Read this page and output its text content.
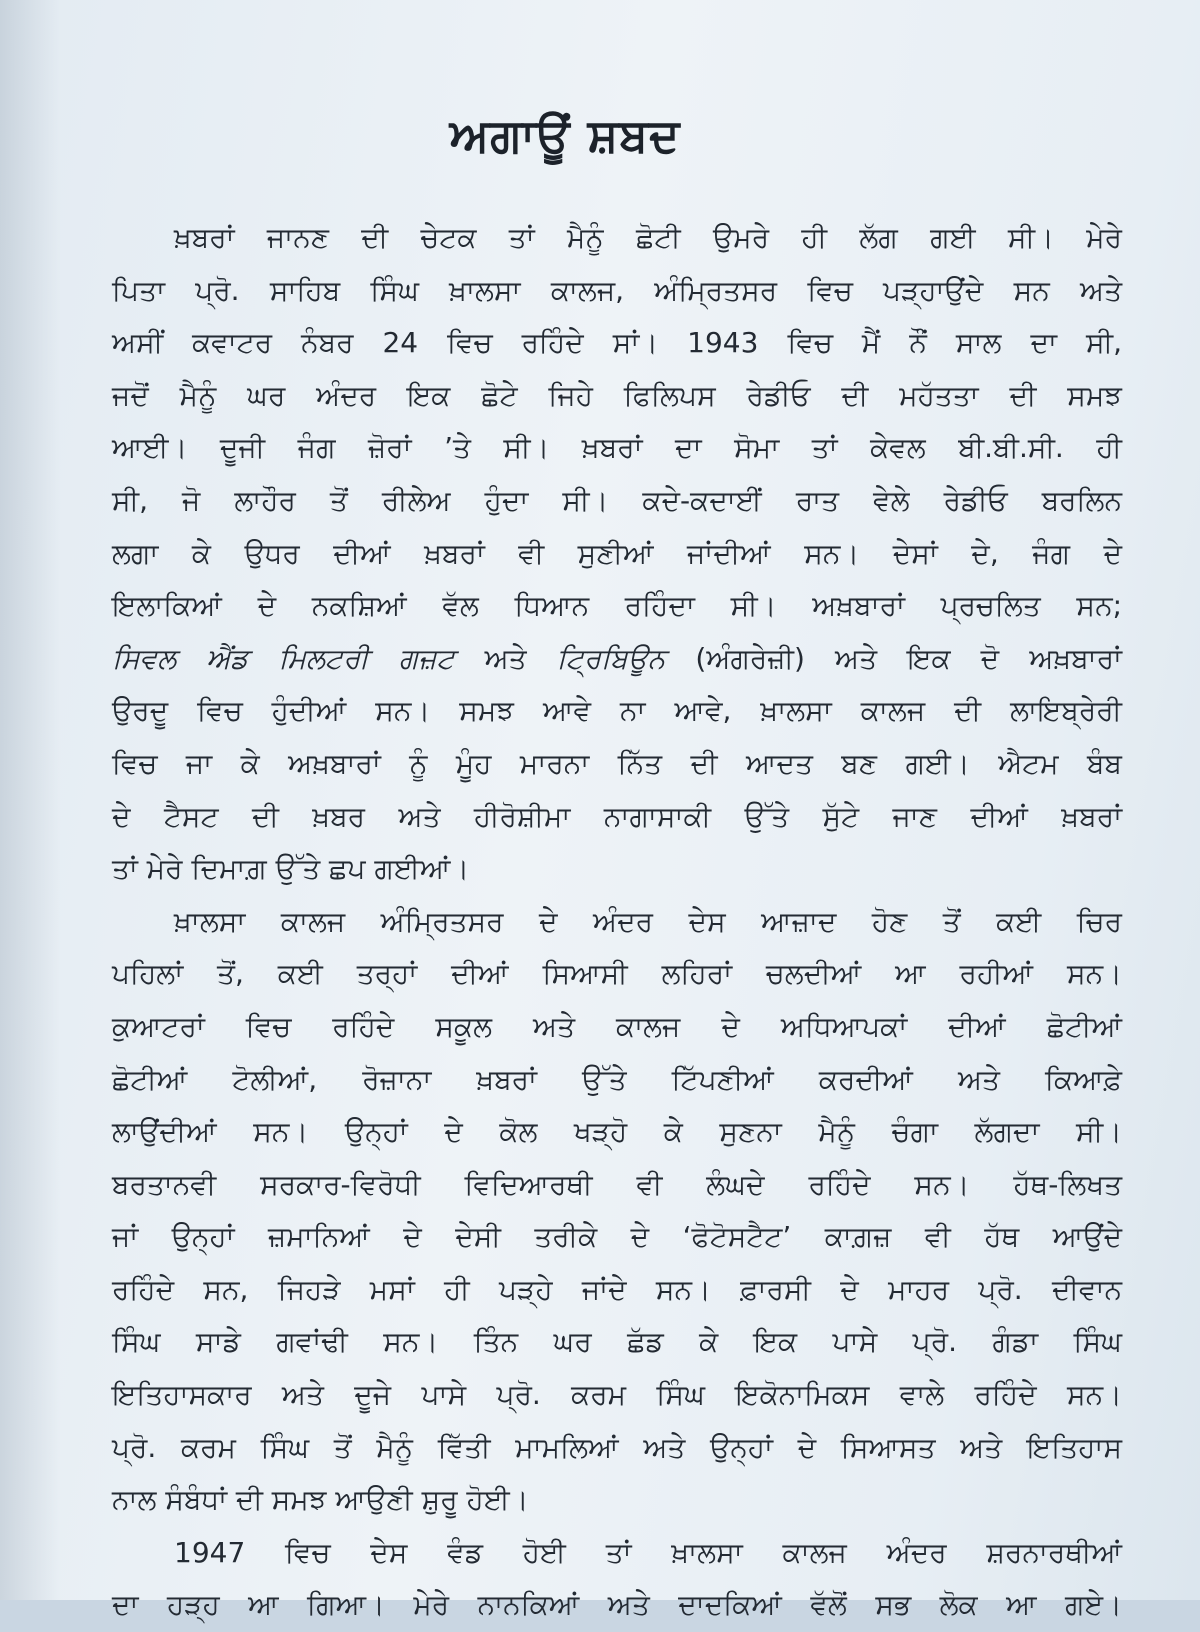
ਅਗਾਊਂ ਸ਼ਬਦ
ਖ਼ਬਰਾਂ ਜਾਨਣ ਦੀ ਚੇਟਕ ਤਾਂ ਮੈਨੂੰ ਛੋਟੀ ਉਮਰੇ ਹੀ ਲੱਗ ਗਈ ਸੀ। ਮੇਰੇ
ਪਿਤਾ ਪ੍ਰੋ. ਸਾਹਿਬ ਸਿੰਘ ਖ਼ਾਲਸਾ ਕਾਲਜ, ਅੰਮ੍ਰਿਤਸਰ ਵਿਚ ਪੜ੍ਹਾਉਂਦੇ ਸਨ ਅਤੇ
ਅਸੀਂ ਕਵਾਟਰ ਨੰਬਰ 24 ਵਿਚ ਰਹਿੰਦੇ ਸਾਂ। 1943 ਵਿਚ ਮੈਂ ਨੌਂ ਸਾਲ ਦਾ ਸੀ,
ਜਦੋਂ ਮੈਨੂੰ ਘਰ ਅੰਦਰ ਇਕ ਛੋਟੇ ਜਿਹੇ ਫਿਲਿਪਸ ਰੇਡੀਓ ਦੀ ਮਹੱਤਤਾ ਦੀ ਸਮਝ
ਆਈ। ਦੂਜੀ ਜੰਗ ਜ਼ੋਰਾਂ ’ਤੇ ਸੀ। ਖ਼ਬਰਾਂ ਦਾ ਸੋਮਾ ਤਾਂ ਕੇਵਲ ਬੀ.ਬੀ.ਸੀ. ਹੀ
ਸੀ, ਜੋ ਲਾਹੌਰ ਤੋਂ ਰੀਲੇਅ ਹੁੰਦਾ ਸੀ। ਕਦੇ-ਕਦਾਈਂ ਰਾਤ ਵੇਲੇ ਰੇਡੀਓ ਬਰਲਿਨ
ਲਗਾ ਕੇ ਉਧਰ ਦੀਆਂ ਖ਼ਬਰਾਂ ਵੀ ਸੁਣੀਆਂ ਜਾਂਦੀਆਂ ਸਨ। ਦੇਸਾਂ ਦੇ, ਜੰਗ ਦੇ
ਇਲਾਕਿਆਂ ਦੇ ਨਕਸ਼ਿਆਂ ਵੱਲ ਧਿਆਨ ਰਹਿੰਦਾ ਸੀ। ਅਖ਼ਬਾਰਾਂ ਪ੍ਰਚਲਿਤ ਸਨ;
ਸਿਵਲ ਐਂਡ ਮਿਲਟਰੀ ਗਜ਼ਟ ਅਤੇ ਟ੍ਰਿਬਿਊਨ (ਅੰਗਰੇਜ਼ੀ) ਅਤੇ ਇਕ ਦੋ ਅਖ਼ਬਾਰਾਂ
ਉਰਦੂ ਵਿਚ ਹੁੰਦੀਆਂ ਸਨ। ਸਮਝ ਆਵੇ ਨਾ ਆਵੇ, ਖ਼ਾਲਸਾ ਕਾਲਜ ਦੀ ਲਾਇਬ੍ਰੇਰੀ
ਵਿਚ ਜਾ ਕੇ ਅਖ਼ਬਾਰਾਂ ਨੂੰ ਮੂੰਹ ਮਾਰਨਾ ਨਿੱਤ ਦੀ ਆਦਤ ਬਣ ਗਈ। ਐਟਮ ਬੰਬ
ਦੇ ਟੈਸਟ ਦੀ ਖ਼ਬਰ ਅਤੇ ਹੀਰੋਸ਼ੀਮਾ ਨਾਗਾਸਾਕੀ ਉੱਤੇ ਸੁੱਟੇ ਜਾਣ ਦੀਆਂ ਖ਼ਬਰਾਂ
ਤਾਂ ਮੇਰੇ ਦਿਮਾਗ਼ ਉੱਤੇ ਛਪ ਗਈਆਂ।
ਖ਼ਾਲਸਾ ਕਾਲਜ ਅੰਮ੍ਰਿਤਸਰ ਦੇ ਅੰਦਰ ਦੇਸ ਆਜ਼ਾਦ ਹੋਣ ਤੋਂ ਕਈ ਚਿਰ
ਪਹਿਲਾਂ ਤੋਂ, ਕਈ ਤਰ੍ਹਾਂ ਦੀਆਂ ਸਿਆਸੀ ਲਹਿਰਾਂ ਚਲਦੀਆਂ ਆ ਰਹੀਆਂ ਸਨ।
ਕੁਆਟਰਾਂ ਵਿਚ ਰਹਿੰਦੇ ਸਕੂਲ ਅਤੇ ਕਾਲਜ ਦੇ ਅਧਿਆਪਕਾਂ ਦੀਆਂ ਛੋਟੀਆਂ
ਛੋਟੀਆਂ ਟੋਲੀਆਂ, ਰੋਜ਼ਾਨਾ ਖ਼ਬਰਾਂ ਉੱਤੇ ਟਿੱਪਣੀਆਂ ਕਰਦੀਆਂ ਅਤੇ ਕਿਆਫ਼ੇ
ਲਾਉਂਦੀਆਂ ਸਨ। ਉਨ੍ਹਾਂ ਦੇ ਕੋਲ ਖੜ੍ਹੋ ਕੇ ਸੁਣਨਾ ਮੈਨੂੰ ਚੰਗਾ ਲੱਗਦਾ ਸੀ।
ਬਰਤਾਨਵੀ ਸਰਕਾਰ-ਵਿਰੋਧੀ ਵਿਦਿਆਰਥੀ ਵੀ ਲੰਘਦੇ ਰਹਿੰਦੇ ਸਨ। ਹੱਥ-ਲਿਖਤ
ਜਾਂ ਉਨ੍ਹਾਂ ਜ਼ਮਾਨਿਆਂ ਦੇ ਦੇਸੀ ਤਰੀਕੇ ਦੇ ‘ਫੋਟੋਸਟੈਟ’ ਕਾਗ਼ਜ਼ ਵੀ ਹੱਥ ਆਉਂਦੇ
ਰਹਿੰਦੇ ਸਨ, ਜਿਹੜੇ ਮਸਾਂ ਹੀ ਪੜ੍ਹੇ ਜਾਂਦੇ ਸਨ। ਫ਼ਾਰਸੀ ਦੇ ਮਾਹਰ ਪ੍ਰੋ. ਦੀਵਾਨ
ਸਿੰਘ ਸਾਡੇ ਗਵਾਂਢੀ ਸਨ। ਤਿੰਨ ਘਰ ਛੱਡ ਕੇ ਇਕ ਪਾਸੇ ਪ੍ਰੋ. ਗੰਡਾ ਸਿੰਘ
ਇਤਿਹਾਸਕਾਰ ਅਤੇ ਦੂਜੇ ਪਾਸੇ ਪ੍ਰੋ. ਕਰਮ ਸਿੰਘ ਇਕੋਨਾਮਿਕਸ ਵਾਲੇ ਰਹਿੰਦੇ ਸਨ।
ਪ੍ਰੋ. ਕਰਮ ਸਿੰਘ ਤੋਂ ਮੈਨੂੰ ਵਿੱਤੀ ਮਾਮਲਿਆਂ ਅਤੇ ਉਨ੍ਹਾਂ ਦੇ ਸਿਆਸਤ ਅਤੇ ਇਤਿਹਾਸ
ਨਾਲ ਸੰਬੰਧਾਂ ਦੀ ਸਮਝ ਆਉਣੀ ਸ਼ੁਰੂ ਹੋਈ।
1947 ਵਿਚ ਦੇਸ ਵੰਡ ਹੋਈ ਤਾਂ ਖ਼ਾਲਸਾ ਕਾਲਜ ਅੰਦਰ ਸ਼ਰਨਾਰਥੀਆਂ
ਦਾ ਹੜ੍ਹ ਆ ਗਿਆ। ਮੇਰੇ ਨਾਨਕਿਆਂ ਅਤੇ ਦਾਦਕਿਆਂ ਵੱਲੋਂ ਸਭ ਲੋਕ ਆ ਗਏ।
